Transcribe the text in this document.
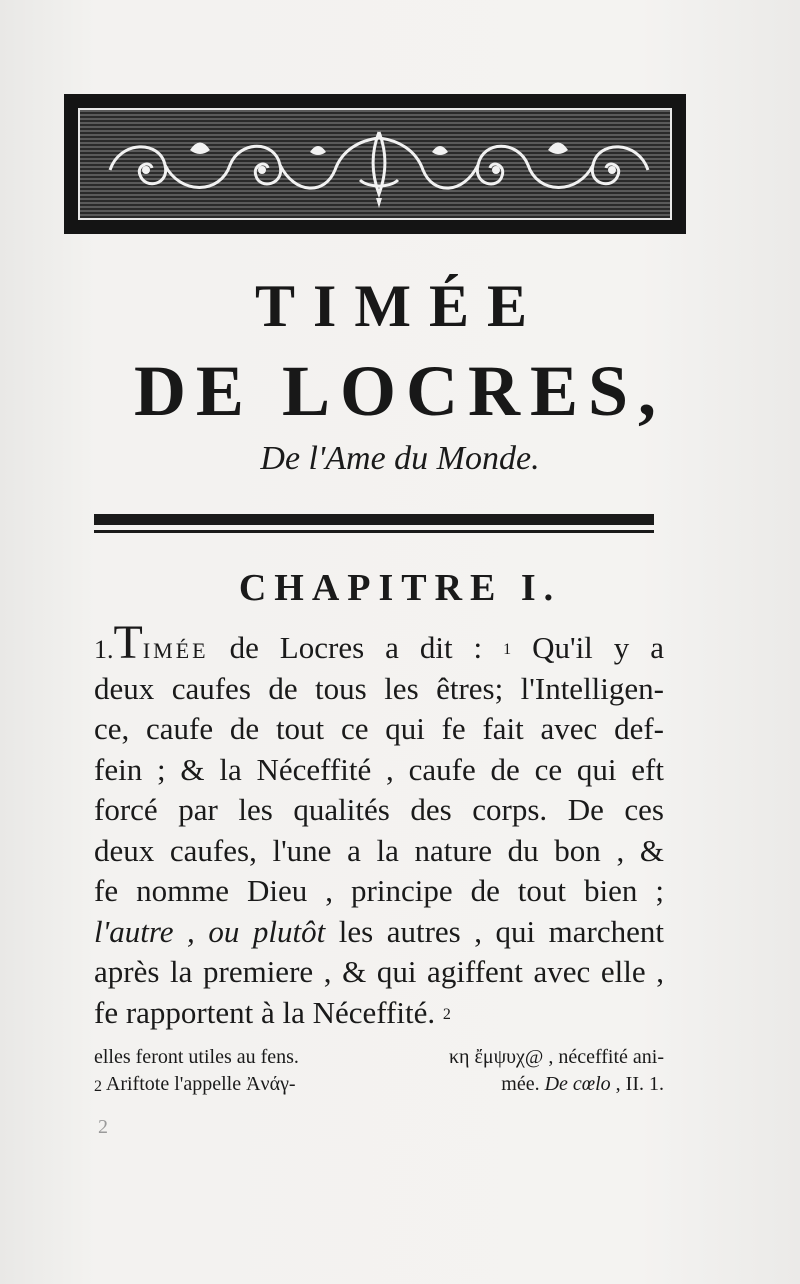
TIMÉE
DE LOCRES,
De l'Ame du Monde.
CHAPITRE I.
1.TIMÉE de Locres a dit : $^1$ Qu'il y a
deux caufes de tous les êtres; l'Intelligen-
ce, caufe de tout ce qui fe fait avec def-
fein ; & la Néceffité , caufe de ce qui eft
forcé par les qualités des corps. De ces
deux caufes, l'une a la nature du bon , &
fe nomme Dieu , principe de tout bien ;
l'autre , ou plutôt les autres , qui marchent
après la premiere , & qui agiffent avec elle ,
fe rapportent à la Néceffité. $^2$
elles feront utiles au fens.	κη ἔμψυχ@ , néceffité ani-
$^2$ Ariftote l'appelle Ἀνάγ-	mée. De cœlo , II. 1.
2
